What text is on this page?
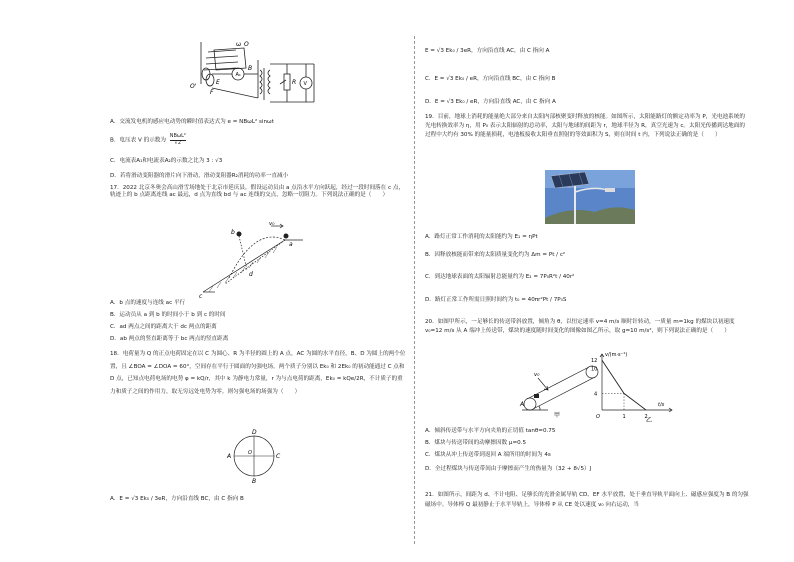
ω O
O'
A₁
B
E
F
R V
A．交流发电机的感应电动势的瞬时值表达式为 e = NBωL² sinωt
B．电压表 V 的示数为
NBωL²
√2
C．电流表A₁和电流表A₂的示数之比为 3 : √3
D．若将滑动变阻器的滑片向下滑动，滑动变阻器R₂消耗的功率一直减小
17．2022 北京冬奥会高山滑雪场地处于北京市延庆县，假设运动员由 a 点沿水平方向跃起，经过一段时间落在 c 点，轨迹上的 b 点距离连线 ac 最远，d 点为直线 bd 与 ac 连线的交点，忽略一切阻力。下列说法正确的是（　　）
v₀
a
b
c
d
A．b 点的速度与连线 ac 平行
B．运动员从 a 到 b 的时间小于 b 到 c 的时间
C．ad 两点之间的距离大于 dc 两点的距离
D．ab 两点的竖直距离等于 bc 两点的竖直距离
18．电荷量为 Q 的正点电荷固定在以 C 为圆心、R 为半径的圆上的 A 点，AC 为圆的水平直径，B、D 为圆上的两个位置，且 ∠BOA = ∠DOA = 60°，空间存在平行于圆面的匀强电场。两个质子分别以 Ek₀ 和 2Ek₀ 的初动能通过 C 点和 D 点，已知点电荷电场的电势 φ = kQ/r，其中 k 为静电力常量，r 为与点电荷的距离，Ek₀ = kQe/2R，不计质子的重力和质子之间的作用力，取无穷远处电势为零。则匀强电场的场强为（　　）
D
A	C
B
O
A．E = √3 Ek₀ / 3eR，方向沿直线 BC，由 C 指向 B
E = √3 Ek₀ / 3eR，方向沿直线 AC，由 C 指向 A
C．E = √3 Ek₀ / eR，方向沿直线 BC，由 C 指向 B
D．E = √3 Ek₀ / eR，方向沿直线 AC，由 C 指向 A
19．目前，地球上消耗的能量绝大部分来自太阳内部核聚变时释放的核能。如图所示，太阳能路灯的额定功率为 P，光电池系统的光电转换效率为 η，用 P₀ 表示太阳辐射的总功率，太阳与地球的间距为 r，地球半径为 R，真空光速为 c。太阳光传播到达地面的过程中大约有 30% 的能量损耗，电池板接收太阳垂直照射的等效面积为 S，则在时间 t 内，下列说法正确的是（　　）
A．路灯正常工作消耗的太阳能约为 E₁ = ηPt
B．因释放核能而带来的太阳质量变化约为 Δm = Pt / c²
C．到达地球表面的太阳辐射总能量约为 E₂ = 7P₀R²t / 40r²
D．路灯正常工作所需日照时间约为 t₀ = 40πr²Pt / 7P₀S
20．如图甲所示，一足够长的传送带斜放置，倾角为 θ，以恒定速率 v=4 m/s 顺时针转动，一质量 m=1kg 的煤块以初速度 v₀=12 m/s 从 A 端冲上传送带，煤块的速度随时间变化的图像如图乙所示，取 g=10 m/s²，则下列说法正确的是（　　）
v₀
A
甲
12
10
4
O	1	2
v/(m·s⁻¹)
t/s
乙
A．倾斜传送带与水平方向夹角的正切值 tanθ=0.75
B．煤块与传送带间的动摩擦因数 μ=0.5
C．煤块从冲上传送带到返回 A 端所用的时间为 4s
D．全过程煤块与传送带间由于摩擦而产生的热量为（32 + 8√5）J
21．如图所示，间距为 d、不计电阻、足够长的光滑金属导轨 CD、EF 水平放置，处于垂直导轨平面向上、磁感应强度为 B 的匀强磁场中。导体棒 Q 最初静止于水平导轨上，导体棒 P 从 CE 处以速度 v₀ 向右运动，当
